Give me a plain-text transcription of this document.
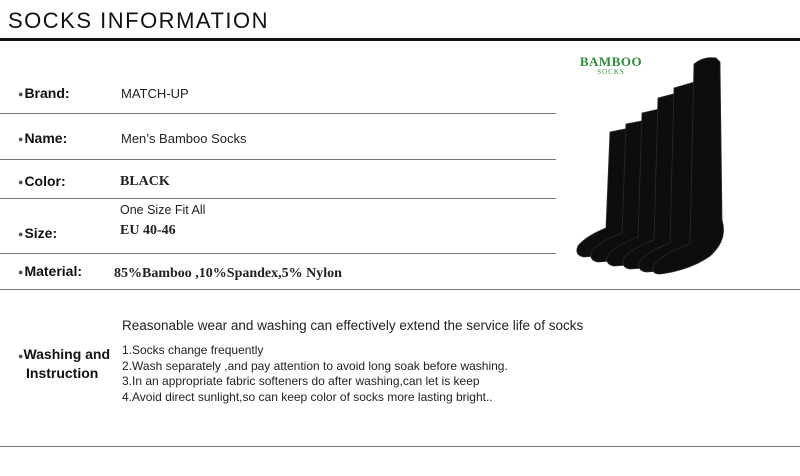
SOCKS INFORMATION
●Brand:	MATCH-UP
●Name:	Men’s Bamboo Socks
●Color:	BLACK
One Size Fit All
●Size:	EU 40-46
●Material: 85%Bamboo ,10%Spandex,5% Nylon
Reasonable wear and washing can effectively extend the service life of socks
●Washing and
Instruction
1.Socks change frequently
2.Wash separately ,and pay attention to avoid long soak before washing.
3.In an appropriate fabric softeners do after washing,can let is keep
4.Avoid direct sunlight,so can keep color of socks more lasting bright..
BAMBOO
SOCKS
